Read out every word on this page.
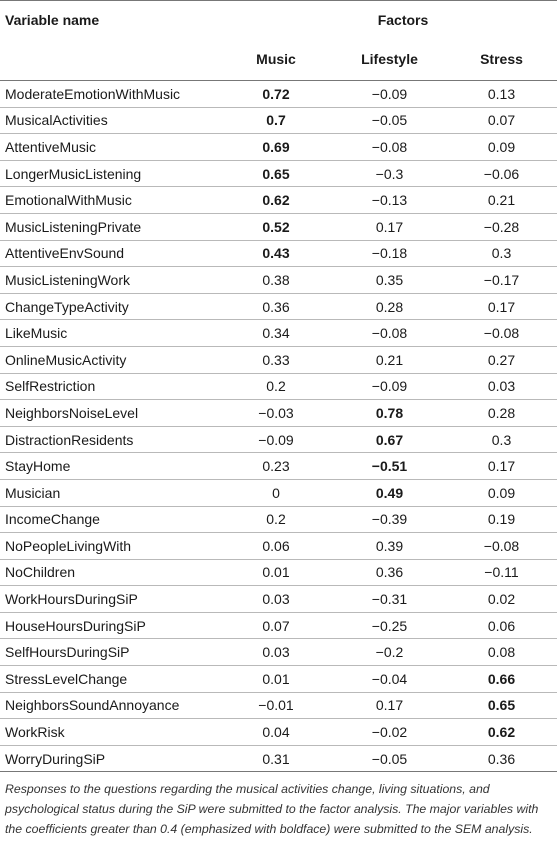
Variable name	Factors		
	Music	Lifestyle	Stress
ModerateEmotionWithMusic	0.72	−0.09	0.13
MusicalActivities	0.7	−0.05	0.07
AttentiveMusic	0.69	−0.08	0.09
LongerMusicListening	0.65	−0.3	−0.06
EmotionalWithMusic	0.62	−0.13	0.21
MusicListeningPrivate	0.52	0.17	−0.28
AttentiveEnvSound	0.43	−0.18	0.3
MusicListeningWork	0.38	0.35	−0.17
ChangeTypeActivity	0.36	0.28	0.17
LikeMusic	0.34	−0.08	−0.08
OnlineMusicActivity	0.33	0.21	0.27
SelfRestriction	0.2	−0.09	0.03
NeighborsNoiseLevel	−0.03	0.78	0.28
DistractionResidents	−0.09	0.67	0.3
StayHome	0.23	−0.51	0.17
Musician	0	0.49	0.09
IncomeChange	0.2	−0.39	0.19
NoPeopleLivingWith	0.06	0.39	−0.08
NoChildren	0.01	0.36	−0.11
WorkHoursDuringSiP	0.03	−0.31	0.02
HouseHoursDuringSiP	0.07	−0.25	0.06
SelfHoursDuringSiP	0.03	−0.2	0.08
StressLevelChange	0.01	−0.04	0.66
NeighborsSoundAnnoyance	−0.01	0.17	0.65
WorkRisk	0.04	−0.02	0.62
WorryDuringSiP	0.31	−0.05	0.36
Responses to the questions regarding the musical activities change, living situations, and psychological status during the SiP were submitted to the factor analysis. The major variables with the coefficients greater than 0.4 (emphasized with boldface) were submitted to the SEM analysis.
